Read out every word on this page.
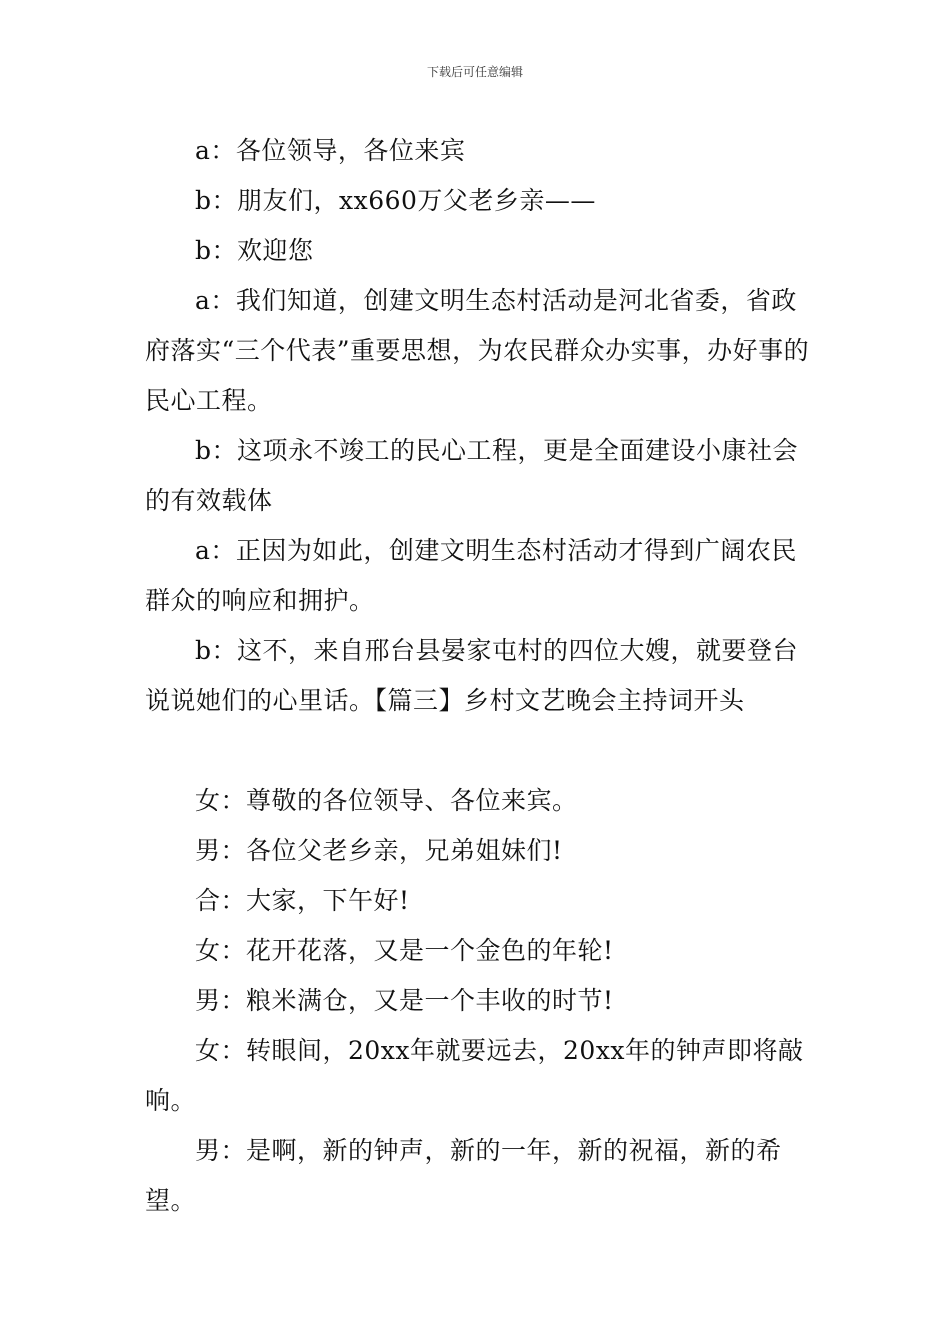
下载后可任意编辑

a：各位领导，各位来宾

b：朋友们，xx660万父老乡亲——

b：欢迎您

a：我们知道，创建文明生态村活动是河北省委，省政府落实“三个代表”重要思想，为农民群众办实事，办好事的民心工程。

b：这项永不竣工的民心工程，更是全面建设小康社会的有效载体

a：正因为如此，创建文明生态村活动才得到广阔农民群众的响应和拥护。

b：这不，来自邢台县晏家屯村的四位大嫂，就要登台说说她们的心里话。【篇三】乡村文艺晚会主持词开头

女：尊敬的各位领导、各位来宾。

男：各位父老乡亲，兄弟姐妹们!

合：大家，下午好!

女：花开花落，又是一个金色的年轮!

男：粮米满仓，又是一个丰收的时节!

女：转眼间，20xx年就要远去，20xx年的钟声即将敲响。

男：是啊，新的钟声，新的一年，新的祝福，新的希望。
